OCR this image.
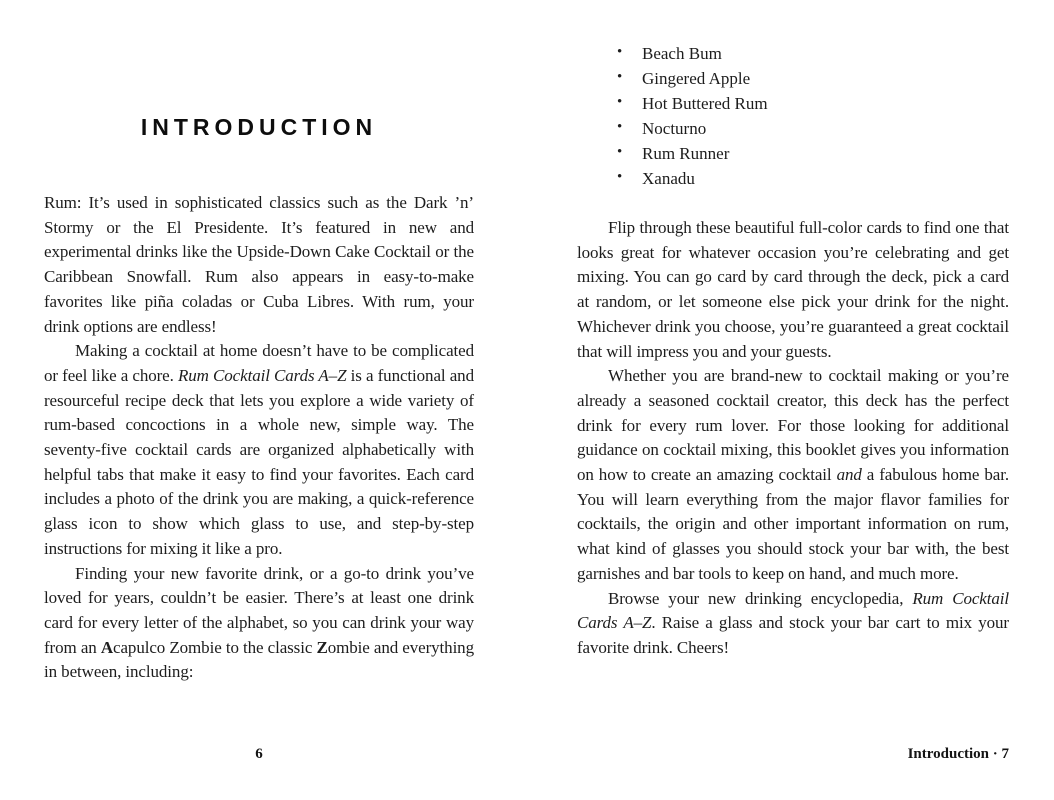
INTRODUCTION

Rum: It’s used in sophisticated classics such as the Dark ’n’ Stormy or the El Presidente. It’s featured in new and experimental drinks like the Upside-Down Cake Cocktail or the Caribbean Snowfall. Rum also appears in easy-to-make favorites like piña coladas or Cuba Libres. With rum, your drink options are endless!

Making a cocktail at home doesn’t have to be complicated or feel like a chore. Rum Cocktail Cards A–Z is a functional and resourceful recipe deck that lets you explore a wide variety of rum-based concoctions in a whole new, simple way. The seventy-five cocktail cards are organized alphabetically with helpful tabs that make it easy to find your favorites. Each card includes a photo of the drink you are making, a quick-reference glass icon to show which glass to use, and step-by-step instructions for mixing it like a pro.

Finding your new favorite drink, or a go-to drink you’ve loved for years, couldn’t be easier. There’s at least one drink card for every letter of the alphabet, so you can drink your way from an Acapulco Zombie to the classic Zombie and everything in between, including:

6
• Beach Bum
• Gingered Apple
• Hot Buttered Rum
• Nocturno
• Rum Runner
• Xanadu

Flip through these beautiful full-color cards to find one that looks great for whatever occasion you’re celebrating and get mixing. You can go card by card through the deck, pick a card at random, or let someone else pick your drink for the night. Whichever drink you choose, you’re guaranteed a great cocktail that will impress you and your guests.

Whether you are brand-new to cocktail making or you’re already a seasoned cocktail creator, this deck has the perfect drink for every rum lover. For those looking for additional guidance on cocktail mixing, this booklet gives you information on how to create an amazing cocktail and a fabulous home bar. You will learn everything from the major flavor families for cocktails, the origin and other important information on rum, what kind of glasses you should stock your bar with, the best garnishes and bar tools to keep on hand, and much more.

Browse your new drinking encyclopedia, Rum Cocktail Cards A–Z. Raise a glass and stock your bar cart to mix your favorite drink. Cheers!

Introduction · 7
